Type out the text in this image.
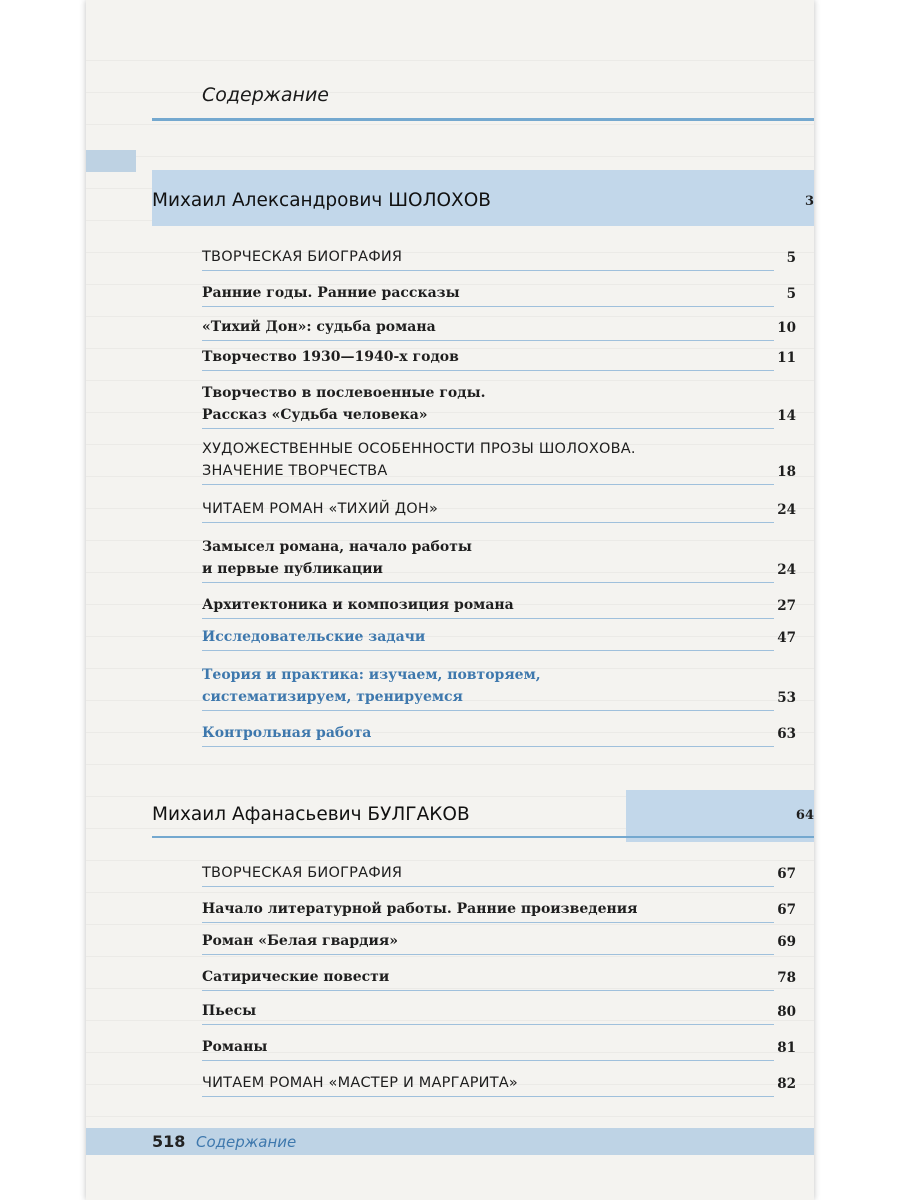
Содержание
Михаил Александрович ШОЛОХОВ	3
ТВОРЧЕСКАЯ БИОГРАФИЯ	5
Ранние годы. Ранние рассказы	5
«Тихий Дон»: судьба романа	10
Творчество 1930—1940-х годов	11
Творчество в послевоенные годы.
Рассказ «Судьба человека»	14
ХУДОЖЕСТВЕННЫЕ ОСОБЕННОСТИ ПРОЗЫ ШОЛОХОВА.
ЗНАЧЕНИЕ ТВОРЧЕСТВА	18
ЧИТАЕМ РОМАН «ТИХИЙ ДОН»	24
Замысел романа, начало работы
и первые публикации	24
Архитектоника и композиция романа	27
Исследовательские задачи	47
Теория и практика: изучаем, повторяем,
систематизируем, тренируемся	53
Контрольная работа	63
Михаил Афанасьевич БУЛГАКОВ	64
ТВОРЧЕСКАЯ БИОГРАФИЯ	67
Начало литературной работы. Ранние произведения	67
Роман «Белая гвардия»	69
Сатирические повести	78
Пьесы	80
Романы	81
ЧИТАЕМ РОМАН «МАСТЕР И МАРГАРИТА»	82
518 Содержание
